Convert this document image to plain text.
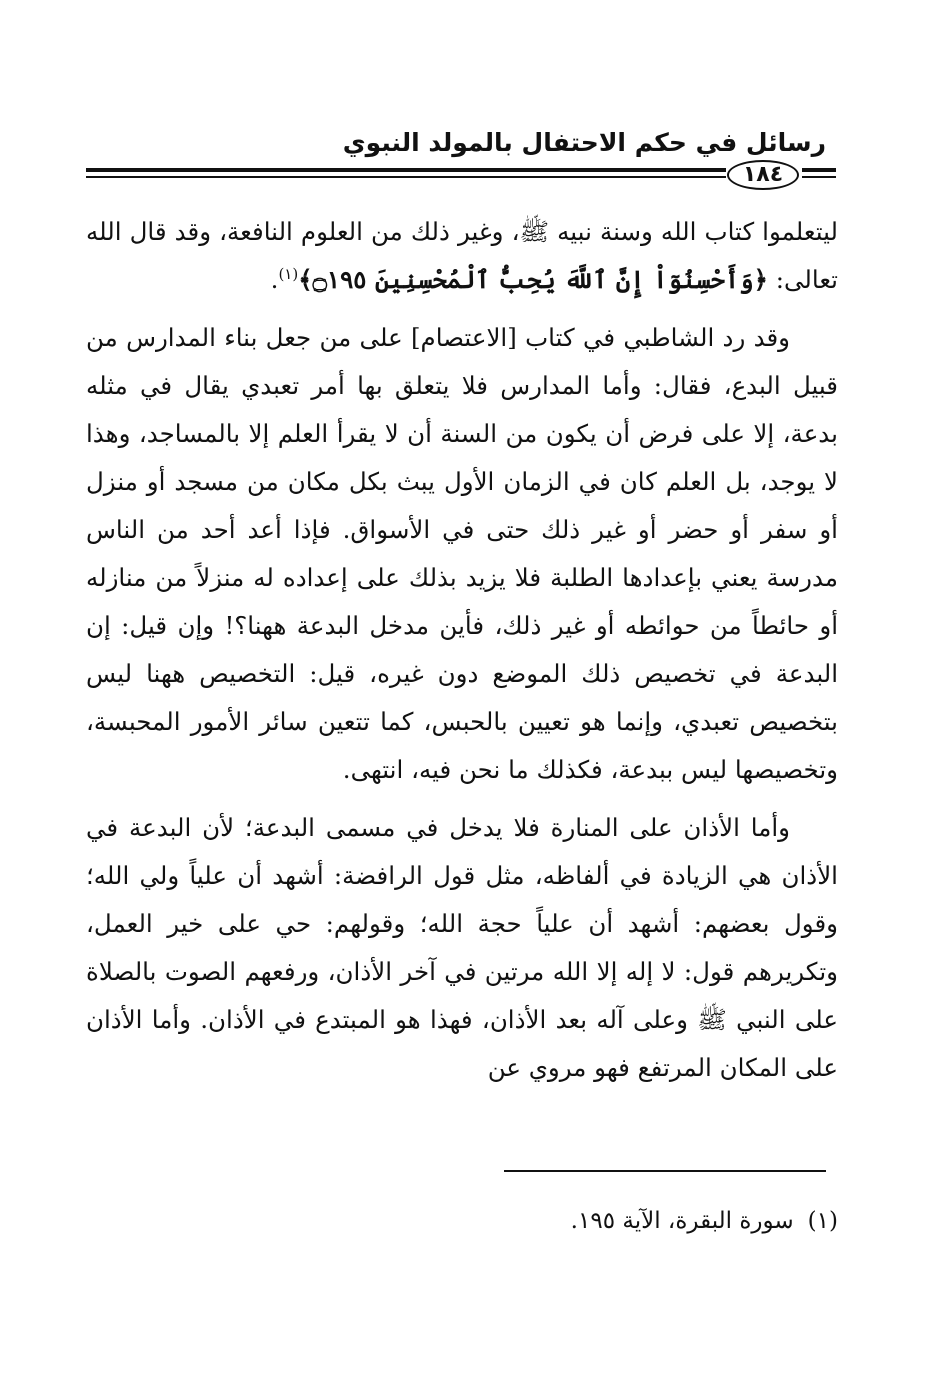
رسائل في حكم الاحتفال بالمولد النبوي
١٨٤

ليتعلموا كتاب الله وسنة نبيه ﷺ، وغير ذلك من العلوم النافعة، وقد قال الله تعالى: ﴿وَأَحْسِنُوٓاْ إِنَّ ٱللَّهَ يُحِبُّ ٱلْمُحْسِنِينَ ۝١٩٥﴾$^{(١)}$.

وقد رد الشاطبي في كتاب [الاعتصام] على من جعل بناء المدارس من قبيل البدع، فقال: وأما المدارس فلا يتعلق بها أمر تعبدي يقال في مثله بدعة، إلا على فرض أن يكون من السنة أن لا يقرأ العلم إلا بالمساجد، وهذا لا يوجد، بل العلم كان في الزمان الأول يبث بكل مكان من مسجد أو منزل أو سفر أو حضر أو غير ذلك حتى في الأسواق. فإذا أعد أحد من الناس مدرسة يعني بإعدادها الطلبة فلا يزيد بذلك على إعداده له منزلاً من منازله أو حائطاً من حوائطه أو غير ذلك، فأين مدخل البدعة ههنا؟! وإن قيل: إن البدعة في تخصيص ذلك الموضع دون غيره، قيل: التخصيص ههنا ليس بتخصيص تعبدي، وإنما هو تعيين بالحبس، كما تتعين سائر الأمور المحبسة، وتخصيصها ليس ببدعة، فكذلك ما نحن فيه، انتهى.

وأما الأذان على المنارة فلا يدخل في مسمى البدعة؛ لأن البدعة في الأذان هي الزيادة في ألفاظه، مثل قول الرافضة: أشهد أن علياً ولي الله؛ وقول بعضهم: أشهد أن علياً حجة الله؛ وقولهم: حي على خير العمل، وتكريرهم قول: لا إله إلا الله مرتين في آخر الأذان، ورفعهم الصوت بالصلاة على النبي ﷺ وعلى آله بعد الأذان، فهذا هو المبتدع في الأذان. وأما الأذان على المكان المرتفع فهو مروي عن

(١)سورة البقرة، الآية ١٩٥.
